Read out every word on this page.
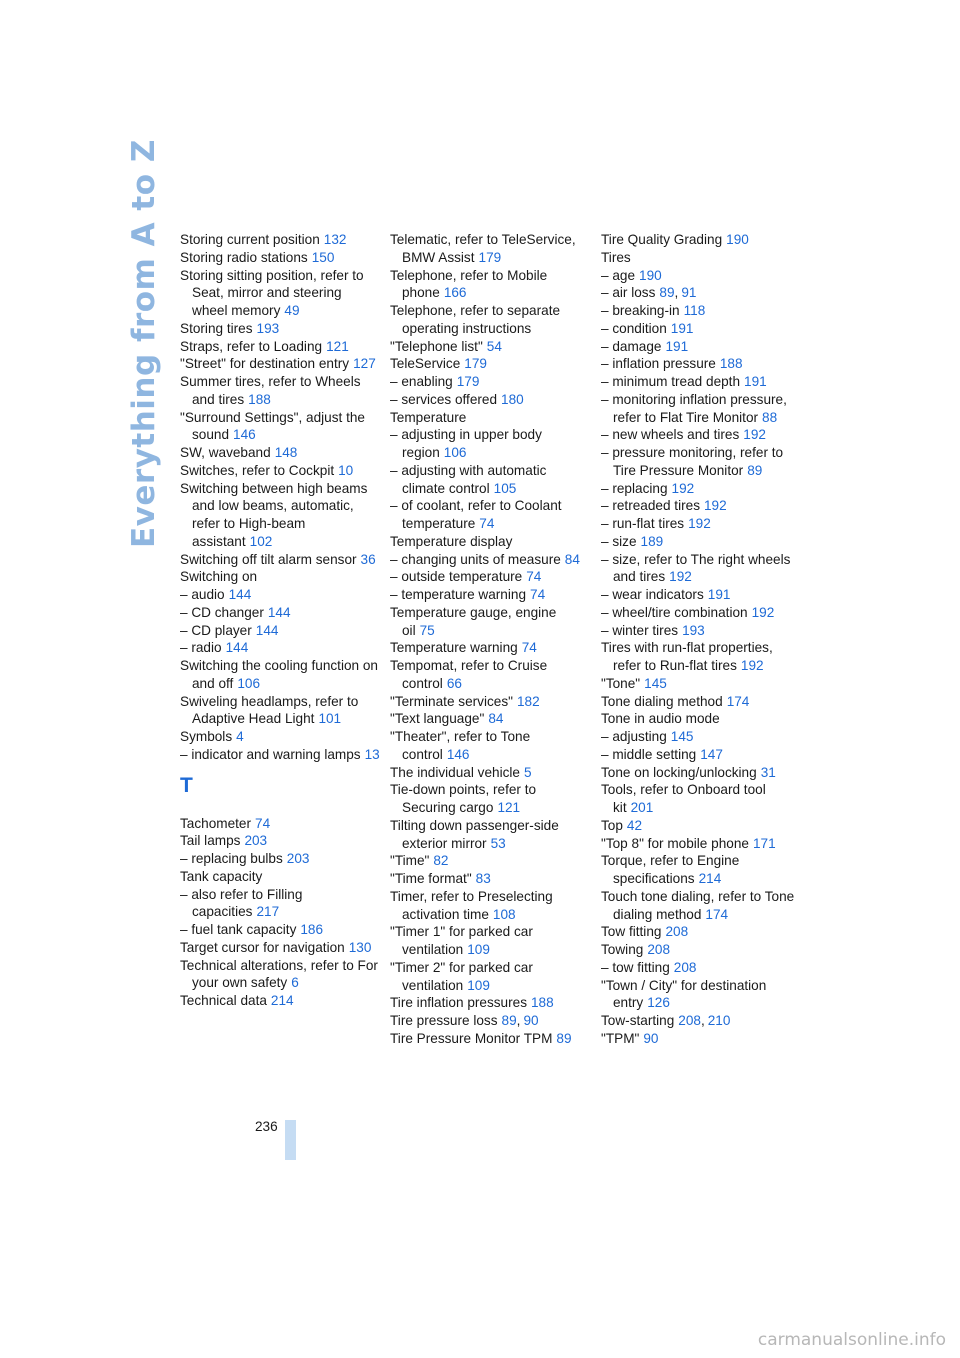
Everything from A to Z Storing current position 132
Storing radio stations 150
Storing sitting position, refer to Seat, mirror and steering wheel memory 49
Storing tires 193
Straps, refer to Loading 121
"Street" for destination entry 127
Summer tires, refer to Wheels and tires 188
"Surround Settings", adjust the sound 146
SW, waveband 148
Switches, refer to Cockpit 10
Switching between high beams and low beams, automatic, refer to High-beam assistant 102
Switching off tilt alarm sensor 36
Switching on
– audio 144
– CD changer 144
– CD player 144
– radio 144
Switching the cooling function on and off 106
Swiveling headlamps, refer to Adaptive Head Light 101
Symbols 4
– indicator and warning lamps 13
T
Tachometer 74
Tail lamps 203
– replacing bulbs 203
Tank capacity
– also refer to Filling capacities 217
– fuel tank capacity 186
Target cursor for navigation 130
Technical alterations, refer to For your own safety 6
Technical data 214
Telematic, refer to TeleService, BMW Assist 179
Telephone, refer to Mobile phone 166
Telephone, refer to separate operating instructions
"Telephone list" 54
TeleService 179
– enabling 179
– services offered 180
Temperature
– adjusting in upper body region 106
– adjusting with automatic climate control 105
– of coolant, refer to Coolant temperature 74
Temperature display
– changing units of measure 84
– outside temperature 74
– temperature warning 74
Temperature gauge, engine oil 75
Temperature warning 74
Tempomat, refer to Cruise control 66
"Terminate services" 182
"Text language" 84
"Theater", refer to Tone control 146
The individual vehicle 5
Tie-down points, refer to Securing cargo 121
Tilting down passenger-side exterior mirror 53
"Time" 82
"Time format" 83
Timer, refer to Preselecting activation time 108
"Timer 1" for parked car ventilation 109
"Timer 2" for parked car ventilation 109
Tire inflation pressures 188
Tire pressure loss 89, 90
Tire Pressure Monitor TPM 89
Tire Quality Grading 190
Tires
– age 190
– air loss 89, 91
– breaking-in 118
– condition 191
– damage 191
– inflation pressure 188
– minimum tread depth 191
– monitoring inflation pressure, refer to Flat Tire Monitor 88
– new wheels and tires 192
– pressure monitoring, refer to Tire Pressure Monitor 89
– replacing 192
– retreaded tires 192
– run-flat tires 192
– size 189
– size, refer to The right wheels and tires 192
– wear indicators 191
– wheel/tire combination 192
– winter tires 193
Tires with run-flat properties, refer to Run-flat tires 192
"Tone" 145
Tone dialing method 174
Tone in audio mode
– adjusting 145
– middle setting 147
Tone on locking/unlocking 31
Tools, refer to Onboard tool kit 201
Top 42
"Top 8" for mobile phone 171
Torque, refer to Engine specifications 214
Touch tone dialing, refer to Tone dialing method 174
Tow fitting 208
Towing 208
– tow fitting 208
"Town / City" for destination entry 126
Tow-starting 208, 210
"TPM" 90
236
carmanualsonline.info
